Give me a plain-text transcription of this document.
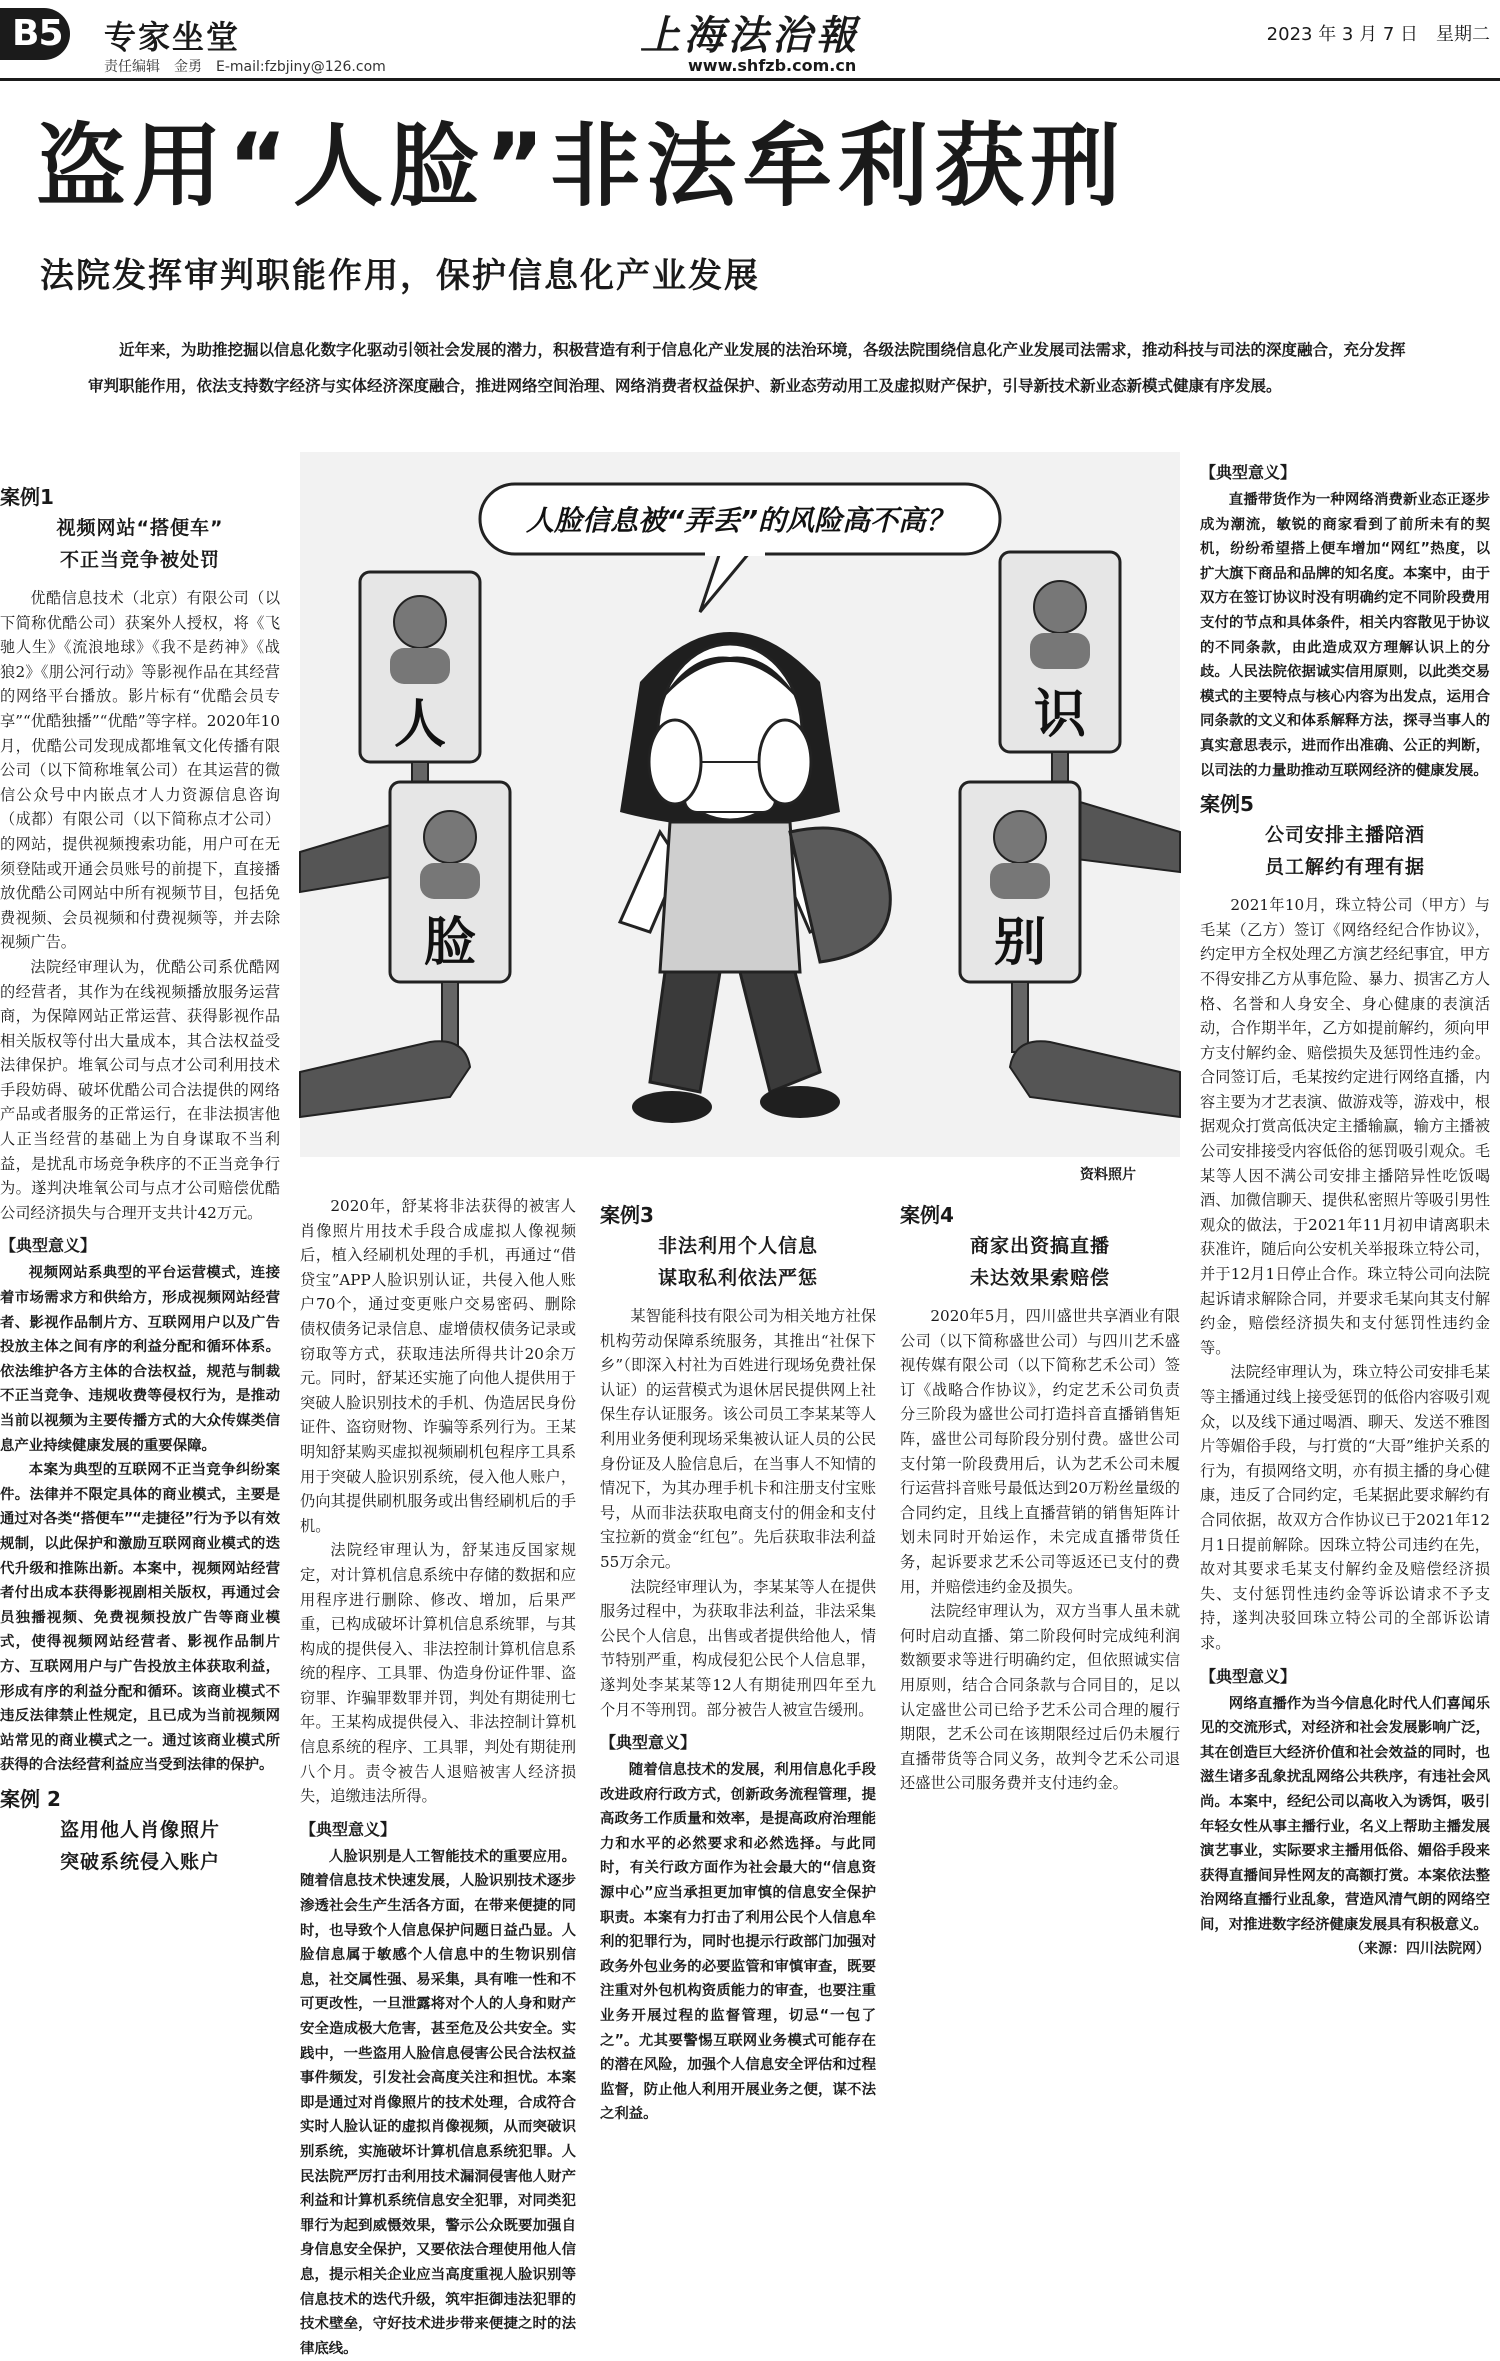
B5 专家坐堂
责任编辑　金勇　E-mail:fzbjiny@126.com
上海法治報
www.shfzb.com.cn
2023 年 3 月 7 日　星期二
盗用“人脸”非法牟利获刑
法院发挥审判职能作用，保护信息化产业发展

近年来，为助推挖掘以信息化数字化驱动引领社会发展的潜力，积极营造有利于信息化产业发展的法治环境，各级法院围绕信息化产业发展司法需求，推动科技与司法的深度融合，充分发挥审判职能作用，依法支持数字经济与实体经济深度融合，推进网络空间治理、网络消费者权益保护、新业态劳动用工及虚拟财产保护，引导新技术新业态新模式健康有序发展。

案例1
视频网站“搭便车”
不正当竞争被处罚

优酷信息技术（北京）有限公司（以下简称优酷公司）获案外人授权，将《飞驰人生》《流浪地球》《我不是药神》《战狼2》《朋公河行动》等影视作品在其经营的网络平台播放。影片标有“优酷会员专享”“优酷独播”“优酷”等字样。2020年10月，优酷公司发现成都堆氧文化传播有限公司（以下简称堆氧公司）在其运营的微信公众号中内嵌点才人力资源信息咨询（成都）有限公司（以下简称点才公司）的网站，提供视频搜索功能，用户可在无须登陆或开通会员账号的前提下，直接播放优酷公司网站中所有视频节目，包括免费视频、会员视频和付费视频等，并去除视频广告。

法院经审理认为，优酷公司系优酷网的经营者，其作为在线视频播放服务运营商，为保障网站正常运营、获得影视作品相关版权等付出大量成本，其合法权益受法律保护。堆氧公司与点才公司利用技术手段妨碍、破坏优酷公司合法提供的网络产品或者服务的正常运行，在非法损害他人正当经营的基础上为自身谋取不当利益，是扰乱市场竞争秩序的不正当竞争行为。遂判决堆氧公司与点才公司赔偿优酷公司经济损失与合理开支共计42万元。

【典型意义】

视频网站系典型的平台运营模式，连接着市场需求方和供给方，形成视频网站经营者、影视作品制片方、互联网用户以及广告投放主体之间有序的利益分配和循环体系。依法维护各方主体的合法权益，规范与制裁不正当竞争、违规收费等侵权行为，是推动当前以视频为主要传播方式的大众传媒类信息产业持续健康发展的重要保障。

本案为典型的互联网不正当竞争纠纷案件。法律并不限定具体的商业模式，主要是通过对各类“搭便车”“走捷径”行为予以有效规制，以此保护和激励互联网商业模式的迭代升级和推陈出新。本案中，视频网站经营者付出成本获得影视剧相关版权，再通过会员独播视频、免费视频投放广告等商业模式，使得视频网站经营者、影视作品制片方、互联网用户与广告投放主体获取利益，形成有序的利益分配和循环。该商业模式不违反法律禁止性规定，且已成为当前视频网站常见的商业模式之一。通过该商业模式所获得的合法经营利益应当受到法律的保护。

案例 2
盗用他人肖像照片
突破系统侵入账户
人脸信息被“弄丢”的风险高不高？
人
脸
识
别
资料照片

2020年，舒某将非法获得的被害人肖像照片用技术手段合成虚拟人像视频后，植入经刷机处理的手机，再通过“借贷宝”APP人脸识别认证，共侵入他人账户70个，通过变更账户交易密码、删除债权债务记录信息、虚增债权债务记录或窃取等方式，获取违法所得共计20余万元。同时，舒某还实施了向他人提供用于突破人脸识别技术的手机、伪造居民身份证件、盗窃财物、诈骗等系列行为。王某明知舒某购买虚拟视频刷机包程序工具系用于突破人脸识别系统，侵入他人账户，仍向其提供刷机服务或出售经刷机后的手机。

法院经审理认为，舒某违反国家规定，对计算机信息系统中存储的数据和应用程序进行删除、修改、增加，后果严重，已构成破坏计算机信息系统罪，与其构成的提供侵入、非法控制计算机信息系统的程序、工具罪、伪造身份证件罪、盗窃罪、诈骗罪数罪并罚，判处有期徒刑七年。王某构成提供侵入、非法控制计算机信息系统的程序、工具罪，判处有期徒刑八个月。责令被告人退赔被害人经济损失，追缴违法所得。

【典型意义】

人脸识别是人工智能技术的重要应用。随着信息技术快速发展，人脸识别技术逐步渗透社会生产生活各方面，在带来便捷的同时，也导致个人信息保护问题日益凸显。人脸信息属于敏感个人信息中的生物识别信息，社交属性强、易采集，具有唯一性和不可更改性，一旦泄露将对个人的人身和财产安全造成极大危害，甚至危及公共安全。实践中，一些盗用人脸信息侵害公民合法权益事件频发，引发社会高度关注和担忧。本案即是通过对肖像照片的技术处理，合成符合实时人脸认证的虚拟肖像视频，从而突破识别系统，实施破坏计算机信息系统犯罪。人民法院严厉打击利用技术漏洞侵害他人财产利益和计算机系统信息安全犯罪，对同类犯罪行为起到威慑效果，警示公众既要加强自身信息安全保护，又要依法合理使用他人信息，提示相关企业应当高度重视人脸识别等信息技术的迭代升级，筑牢拒御违法犯罪的技术壁垒，守好技术进步带来便捷之时的法律底线。

案例3
非法利用个人信息
谋取私利依法严惩

某智能科技有限公司为相关地方社保机构劳动保障系统服务，其推出“社保下乡”（即深入村社为百姓进行现场免费社保认证）的运营模式为退休居民提供网上社保生存认证服务。该公司员工李某某等人利用业务便利现场采集被认证人员的公民身份证及人脸信息后，在当事人不知情的情况下，为其办理手机卡和注册支付宝账号，从而非法获取电商支付的佣金和支付宝拉新的赏金“红包”。先后获取非法利益55万余元。

法院经审理认为，李某某等人在提供服务过程中，为获取非法利益，非法采集公民个人信息，出售或者提供给他人，情节特别严重，构成侵犯公民个人信息罪，遂判处李某某等12人有期徒刑四年至九个月不等刑罚。部分被告人被宣告缓刑。

【典型意义】

随着信息技术的发展，利用信息化手段改进政府行政方式，创新政务流程管理，提高政务工作质量和效率，是提高政府治理能力和水平的必然要求和必然选择。与此同时，有关行政方面作为社会最大的“信息资源中心”应当承担更加审慎的信息安全保护职责。本案有力打击了利用公民个人信息牟利的犯罪行为，同时也提示行政部门加强对政务外包业务的必要监管和审慎审查，既要注重对外包机构资质能力的审查，也要注重业务开展过程的监督管理，切忌“一包了之”。尤其要警惕互联网业务模式可能存在的潜在风险，加强个人信息安全评估和过程监督，防止他人利用开展业务之便，谋不法之利益。

案例4
商家出资搞直播
未达效果索赔偿

2020年5月，四川盛世共享酒业有限公司（以下简称盛世公司）与四川艺禾盛视传媒有限公司（以下简称艺禾公司）签订《战略合作协议》，约定艺禾公司负责分三阶段为盛世公司打造抖音直播销售矩阵，盛世公司每阶段分别付费。盛世公司支付第一阶段费用后，认为艺禾公司未履行运营抖音账号最低达到20万粉丝量级的合同约定，且线上直播营销的销售矩阵计划未同时开始运作，未完成直播带货任务，起诉要求艺禾公司等返还已支付的费用，并赔偿违约金及损失。

法院经审理认为，双方当事人虽未就何时启动直播、第二阶段何时完成纯利润数额要求等进行明确约定，但依照诚实信用原则，结合合同条款与合同目的，足以认定盛世公司已给予艺禾公司合理的履行期限，艺禾公司在该期限经过后仍未履行直播带货等合同义务，故判令艺禾公司退还盛世公司服务费并支付违约金。

【典型意义】

直播带货作为一种网络消费新业态正逐步成为潮流，敏锐的商家看到了前所未有的契机，纷纷希望搭上便车增加“网红”热度，以扩大旗下商品和品牌的知名度。本案中，由于双方在签订协议时没有明确约定不同阶段费用支付的节点和具体条件，相关内容散见于协议的不同条款，由此造成双方理解认识上的分歧。人民法院依据诚实信用原则，以此类交易模式的主要特点与核心内容为出发点，运用合同条款的文义和体系解释方法，探寻当事人的真实意思表示，进而作出准确、公正的判断，以司法的力量助推动互联网经济的健康发展。

案例5
公司安排主播陪酒
员工解约有理有据

2021年10月，珠立特公司（甲方）与毛某（乙方）签订《网络经纪合作协议》，约定甲方全权处理乙方演艺经纪事宜，甲方不得安排乙方从事危险、暴力、损害乙方人格、名誉和人身安全、身心健康的表演活动，合作期半年，乙方如提前解约，须向甲方支付解约金、赔偿损失及惩罚性违约金。合同签订后，毛某按约定进行网络直播，内容主要为才艺表演、做游戏等，游戏中，根据观众打赏高低决定主播输赢，输方主播被公司安排接受内容低俗的惩罚吸引观众。毛某等人因不满公司安排主播陪异性吃饭喝酒、加微信聊天、提供私密照片等吸引男性观众的做法，于2021年11月初申请离职未获准许，随后向公安机关举报珠立特公司，并于12月1日停止合作。珠立特公司向法院起诉请求解除合同，并要求毛某向其支付解约金，赔偿经济损失和支付惩罚性违约金等。

法院经审理认为，珠立特公司安排毛某等主播通过线上接受惩罚的低俗内容吸引观众，以及线下通过喝酒、聊天、发送不雅图片等媚俗手段，与打赏的“大哥”维护关系的行为，有损网络文明，亦有损主播的身心健康，违反了合同约定，毛某据此要求解约有合同依据，故双方合作协议已于2021年12月1日提前解除。因珠立特公司违约在先，故对其要求毛某支付解约金及赔偿经济损失、支付惩罚性违约金等诉讼请求不予支持，遂判决驳回珠立特公司的全部诉讼请求。

【典型意义】

网络直播作为当今信息化时代人们喜闻乐见的交流形式，对经济和社会发展影响广泛，其在创造巨大经济价值和社会效益的同时，也滋生诸多乱象扰乱网络公共秩序，有违社会风尚。本案中，经纪公司以高收入为诱饵，吸引年轻女性从事主播行业，名义上帮助主播发展演艺事业，实际要求主播用低俗、媚俗手段来获得直播间异性网友的高额打赏。本案依法整治网络直播行业乱象，营造风清气朗的网络空间，对推进数字经济健康发展具有积极意义。

（来源：四川法院网）
